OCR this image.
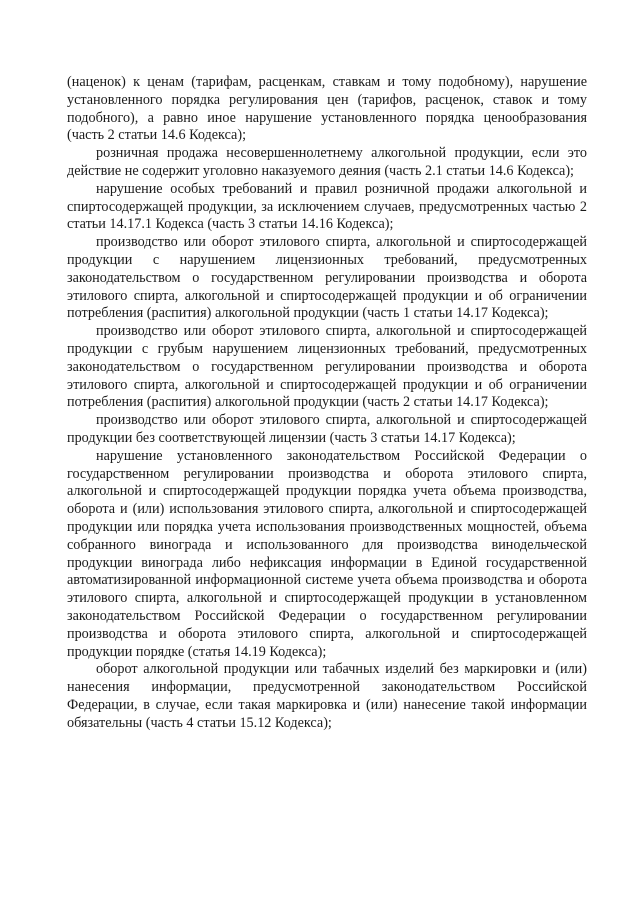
(наценок) к ценам (тарифам, расценкам, ставкам и тому подобному), нарушение установленного порядка регулирования цен (тарифов, расценок, ставок и тому подобного), а равно иное нарушение установленного порядка ценообразования (часть 2 статьи 14.6 Кодекса);

розничная продажа несовершеннолетнему алкогольной продукции, если это действие не содержит уголовно наказуемого деяния (часть 2.1 статьи 14.6 Кодекса);

нарушение особых требований и правил розничной продажи алкогольной и спиртосодержащей продукции, за исключением случаев, предусмотренных частью 2 статьи 14.17.1 Кодекса (часть 3 статьи 14.16 Кодекса);

производство или оборот этилового спирта, алкогольной и спиртосодержащей продукции с нарушением лицензионных требований, предусмотренных законодательством о государственном регулировании производства и оборота этилового спирта, алкогольной и спиртосодержащей продукции и об ограничении потребления (распития) алкогольной продукции (часть 1 статьи 14.17 Кодекса);

производство или оборот этилового спирта, алкогольной и спиртосодержащей продукции с грубым нарушением лицензионных требований, предусмотренных законодательством о государственном регулировании производства и оборота этилового спирта, алкогольной и спиртосодержащей продукции и об ограничении потребления (распития) алкогольной продукции (часть 2 статьи 14.17 Кодекса);

производство или оборот этилового спирта, алкогольной и спиртосодержащей продукции без соответствующей лицензии (часть 3 статьи 14.17 Кодекса);

нарушение установленного законодательством Российской Федерации о государственном регулировании производства и оборота этилового спирта, алкогольной и спиртосодержащей продукции порядка учета объема производства, оборота и (или) использования этилового спирта, алкогольной и спиртосодержащей продукции или порядка учета использования производственных мощностей, объема собранного винограда и использованного для производства винодельческой продукции винограда либо нефиксация информации в Единой государственной автоматизированной информационной системе учета объема производства и оборота этилового спирта, алкогольной и спиртосодержащей продукции в установленном законодательством Российской Федерации о государственном регулировании производства и оборота этилового спирта, алкогольной и спиртосодержащей продукции порядке (статья 14.19 Кодекса);

оборот алкогольной продукции или табачных изделий без маркировки и (или) нанесения информации, предусмотренной законодательством Российской Федерации, в случае, если такая маркировка и (или) нанесение такой информации обязательны (часть 4 статьи 15.12 Кодекса);
